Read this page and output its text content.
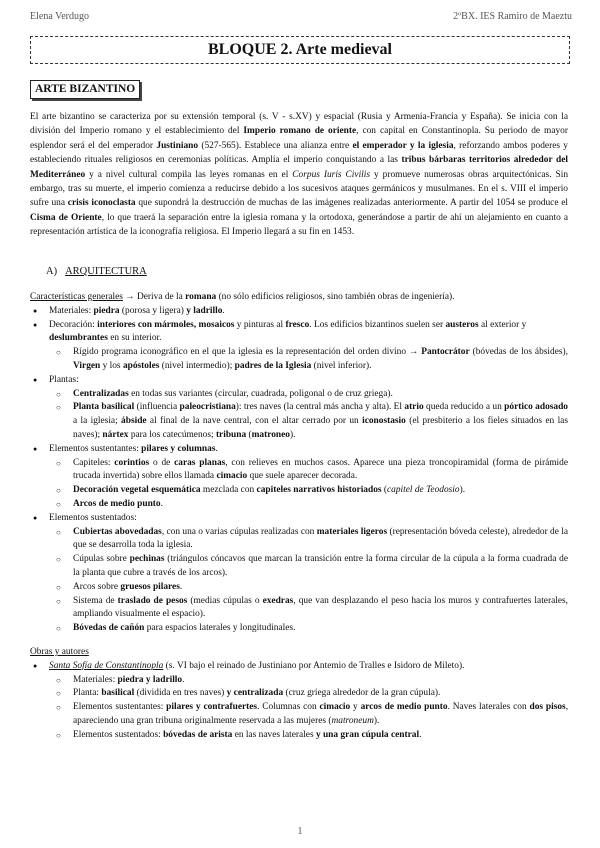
Elena Verdugo	2ºBX. IES Ramiro de Maeztu
BLOQUE 2. Arte medieval
ARTE BIZANTINO

El arte bizantino se caracteriza por su extensión temporal (s. V - s.XV) y espacial (Rusia y Armenia-Francia y España). Se inicia con la división del Imperio romano y el establecimiento del Imperio romano de oriente, con capital en Constantinopla. Su periodo de mayor esplendor será el del emperador Justiniano (527-565). Establece una alianza entre el emperador y la iglesia, reforzando ambos poderes y estableciendo rituales religiosos en ceremonias políticas. Amplía el imperio conquistando a las tribus bárbaras territorios alrededor del Mediterráneo y a nivel cultural compila las leyes romanas en el Corpus Iuris Civilis y promueve numerosas obras arquitectónicas. Sin embargo, tras su muerte, el imperio comienza a reducirse debido a los sucesivos ataques germánicos y musulmanes. En el s. VIII el imperio sufre una crisis iconoclasta que supondrá la destrucción de muchas de las imágenes realizadas anteriormente. A partir del 1054 se produce el Cisma de Oriente, lo que traerá la separación entre la iglesia romana y la ortodoxa, generándose a partir de ahí un alejamiento en cuanto a representación artística de la iconografía religiosa. El Imperio llegará a su fin en 1453.

A) ARQUITECTURA

Características generales → Deriva de la romana (no sólo edificios religiosos, sino también obras de ingeniería).

● Materiales: piedra (porosa y ligera) y ladrillo.
● Decoración: interiores con mármoles, mosaicos y pinturas al fresco. Los edificios bizantinos suelen ser austeros al exterior y deslumbrantes en su interior.
○ Rígido programa iconográfico en el que la iglesia es la representación del orden divino → Pantocrátor (bóvedas de los ábsides), Virgen y los apóstoles (nivel intermedio); padres de la Iglesia (nivel inferior).
● Plantas:
○ Centralizadas en todas sus variantes (circular, cuadrada, poligonal o de cruz griega).
○ Planta basilical (influencia paleocristiana): tres naves (la central más ancha y alta). El atrio queda reducido a un pórtico adosado a la iglesia; ábside al final de la nave central, con el altar cerrado por un iconostasio (el presbiterio a los fieles situados en las naves); nártex para los catecúmenos; tribuna (matroneo).
● Elementos sustentantes: pilares y columnas.
○ Capiteles: corintios o de caras planas, con relieves en muchos casos. Aparece una pieza troncopiramidal (forma de pirámide trucada invertida) sobre ellos llamada cimacio que suele aparecer decorada.
○ Decoración vegetal esquemática mezclada con capiteles narrativos historiados (capitel de Teodosio).
○ Arcos de medio punto.
● Elementos sustentados:
○ Cubiertas abovedadas, con una o varias cúpulas realizadas con materiales ligeros (representación bóveda celeste), alrededor de la que se desarrolla toda la iglesia.
○ Cúpulas sobre pechinas (triángulos cóncavos que marcan la transición entre la forma circular de la cúpula a la forma cuadrada de la planta que cubre a través de los arcos).
○ Arcos sobre gruesos pilares.
○ Sistema de traslado de pesos (medias cúpulas o exedras, que van desplazando el peso hacia los muros y contrafuertes laterales, ampliando visualmente el espacio).
○ Bóvedas de cañón para espacios laterales y longitudinales.

Obras y autores

● Santa Sofía de Constantinopla (s. VI bajo el reinado de Justiniano por Antemio de Tralles e Isidoro de Mileto).
○ Materiales: piedra y ladrillo.
○ Planta: basilical (dividida en tres naves) y centralizada (cruz griega alrededor de la gran cúpula).
○ Elementos sustentantes: pilares y contrafuertes. Columnas con cimacio y arcos de medio punto. Naves laterales con dos pisos, apareciendo una gran tribuna originalmente reservada a las mujeres (matroneum).
○ Elementos sustentados: bóvedas de arista en las naves laterales y una gran cúpula central.
1
